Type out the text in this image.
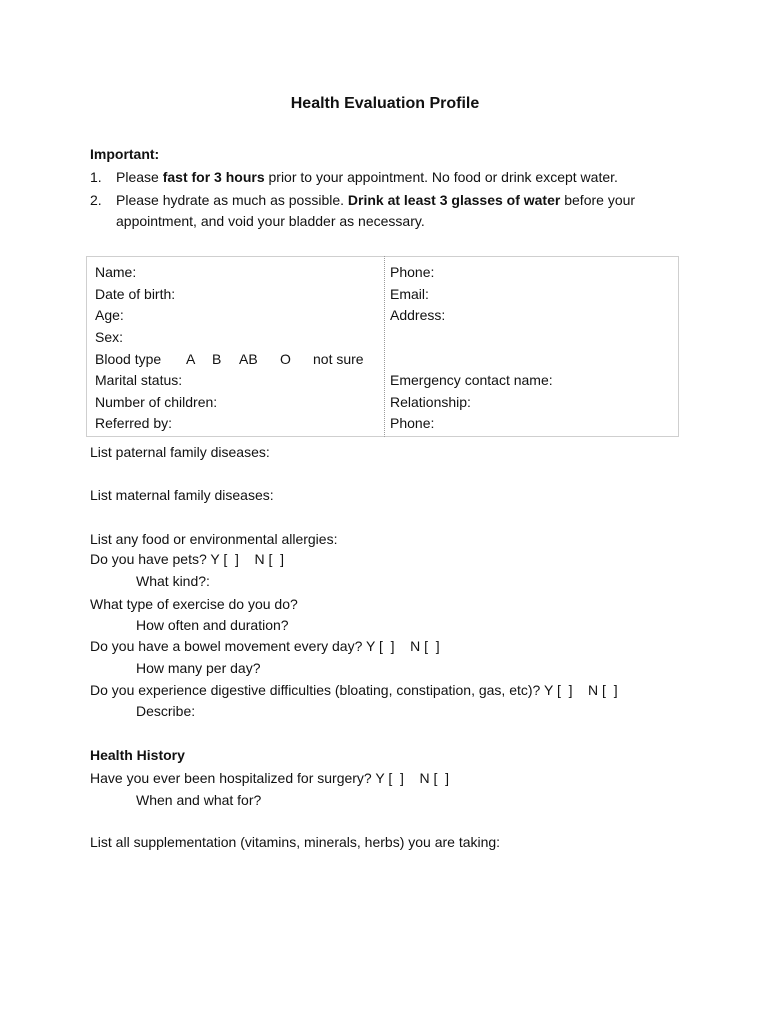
Health Evaluation Profile
Important:
1. Please fast for 3 hours prior to your appointment. No food or drink except water.
2. Please hydrate as much as possible. Drink at least 3 glasses of water before your
appointment, and void your bladder as necessary.
Name:
Date of birth:
Age:
Sex:
Blood type A B AB O not sure
Marital status:
Number of children:
Referred by:
Phone:
Email:
Address:
Emergency contact name:
Relationship:
Phone:
List paternal family diseases:
List maternal family diseases:
List any food or environmental allergies:
Do you have pets? Y [  ]    N [  ]
What kind?:
What type of exercise do you do?
How often and duration?
Do you have a bowel movement every day? Y [  ]    N [  ]
How many per day?
Do you experience digestive difficulties (bloating, constipation, gas, etc)? Y [  ]    N [  ]
Describe:
Health History
Have you ever been hospitalized for surgery? Y [  ]    N [  ]
When and what for?
List all supplementation (vitamins, minerals, herbs) you are taking:
